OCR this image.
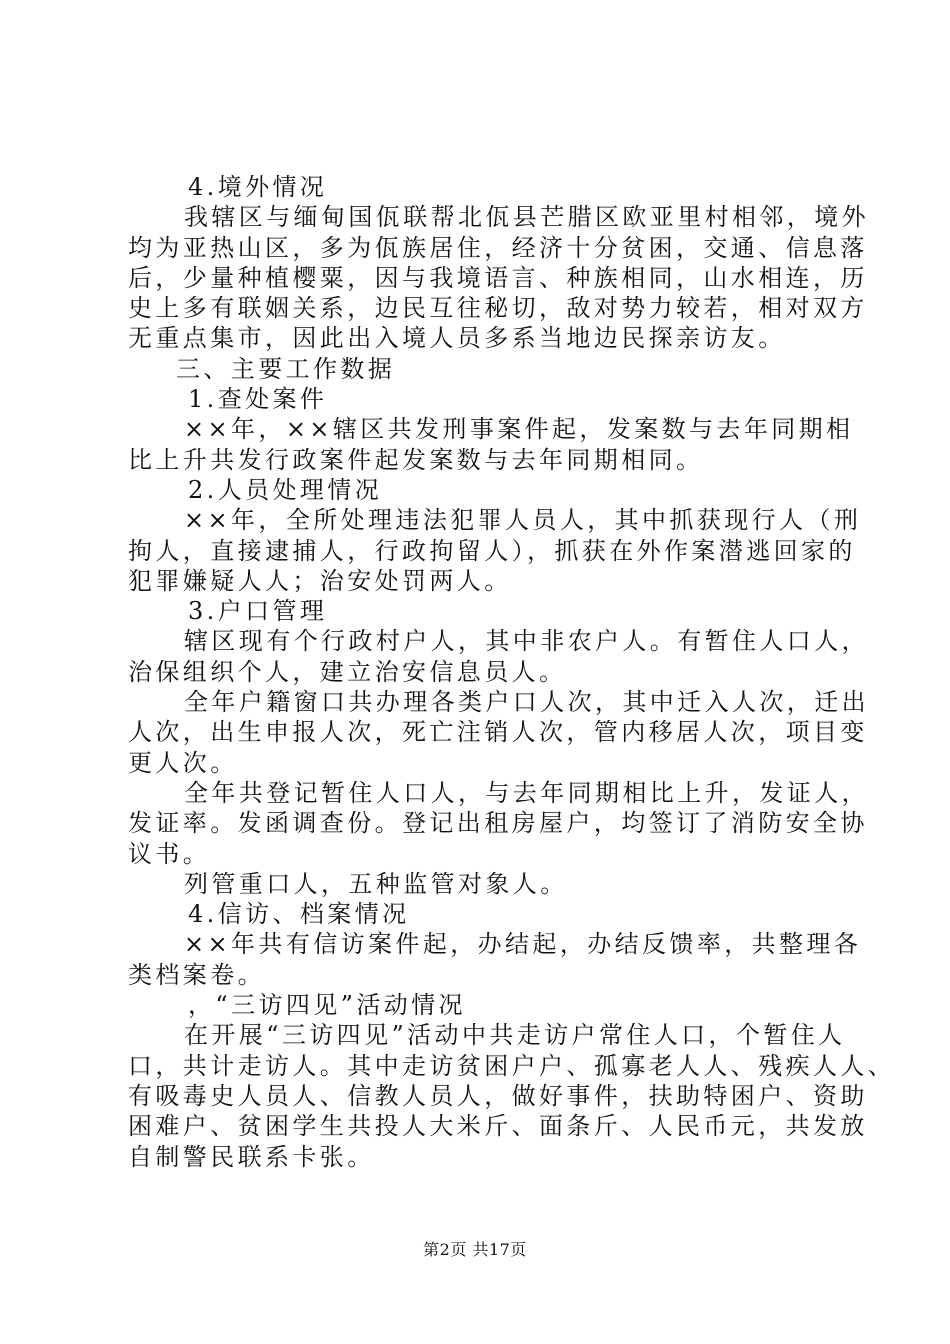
4.境外情况
我辖区与缅甸国佤联帮北佤县芒腊区欧亚里村相邻，境外
均为亚热山区，多为佤族居住，经济十分贫困，交通、信息落
后，少量种植樱粟，因与我境语言、种族相同，山水相连，历
史上多有联姻关系，边民互往秘切，敌对势力较若，相对双方
无重点集市，因此出入境人员多系当地边民探亲访友。
三、主要工作数据
1.查处案件
××年，××辖区共发刑事案件起，发案数与去年同期相
比上升共发行政案件起发案数与去年同期相同。
2.人员处理情况
××年，全所处理违法犯罪人员人，其中抓获现行人（刑
拘人，直接逮捕人，行政拘留人），抓获在外作案潜逃回家的
犯罪嫌疑人人；治安处罚两人。
3.户口管理
辖区现有个行政村户人，其中非农户人。有暂住人口人，
治保组织个人，建立治安信息员人。
全年户籍窗口共办理各类户口人次，其中迁入人次，迁出
人次，出生申报人次，死亡注销人次，管内移居人次，项目变
更人次。
全年共登记暂住人口人，与去年同期相比上升，发证人，
发证率。发函调查份。登记出租房屋户，均签订了消防安全协
议书。
列管重口人，五种监管对象人。
4.信访、档案情况
××年共有信访案件起，办结起，办结反馈率，共整理各
类档案卷。
，“三访四见”活动情况
在开展“三访四见”活动中共走访户常住人口，个暂住人
口，共计走访人。其中走访贫困户户、孤寡老人人、残疾人人、
有吸毒史人员人、信教人员人，做好事件，扶助特困户、资助
困难户、贫困学生共投人大米斤、面条斤、人民币元，共发放
自制警民联系卡张。
第2页 共17页
